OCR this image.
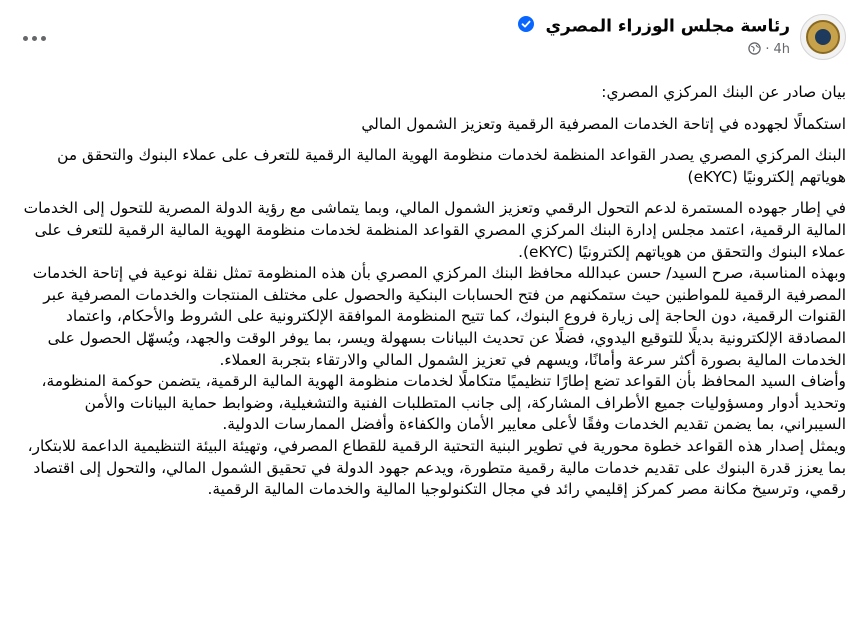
رئاسة مجلس الوزراء المصري
4h·

بيان صادر عن البنك المركزي المصري:

استكمالًا لجهوده في إتاحة الخدمات المصرفية الرقمية وتعزيز الشمول المالي

البنك المركزي المصري يصدر القواعد المنظمة لخدمات منظومة الهوية المالية الرقمية للتعرف على عملاء البنوك والتحقق من هوياتهم إلكترونيًا (eKYC)

في إطار جهوده المستمرة لدعم التحول الرقمي وتعزيز الشمول المالي، وبما يتماشى مع رؤية الدولة المصرية للتحول إلى الخدمات المالية الرقمية، اعتمد مجلس إدارة البنك المركزي المصري القواعد المنظمة لخدمات منظومة الهوية المالية الرقمية للتعرف على عملاء البنوك والتحقق من هوياتهم إلكترونيًا (eKYC).

وبهذه المناسبة، صرح السيد/ حسن عبدالله محافظ البنك المركزي المصري بأن هذه المنظومة تمثل نقلة نوعية في إتاحة الخدمات المصرفية الرقمية للمواطنين حيث ستمكنهم من فتح الحسابات البنكية والحصول على مختلف المنتجات والخدمات المصرفية عبر القنوات الرقمية، دون الحاجة إلى زيارة فروع البنوك، كما تتيح المنظومة الموافقة الإلكترونية على الشروط والأحكام، واعتماد المصادقة الإلكترونية بديلًا للتوقيع اليدوي، فضلًا عن تحديث البيانات بسهولة ويسر، بما يوفر الوقت والجهد، ويُسهّل الحصول على الخدمات المالية بصورة أكثر سرعة وأمانًا، ويسهم في تعزيز الشمول المالي والارتقاء بتجربة العملاء.

وأضاف السيد المحافظ بأن القواعد تضع إطارًا تنظيميًا متكاملًا لخدمات منظومة الهوية المالية الرقمية، يتضمن حوكمة المنظومة، وتحديد أدوار ومسؤوليات جميع الأطراف المشاركة، إلى جانب المتطلبات الفنية والتشغيلية، وضوابط حماية البيانات والأمن السيبراني، بما يضمن تقديم الخدمات وفقًا لأعلى معايير الأمان والكفاءة وأفضل الممارسات الدولية.

ويمثل إصدار هذه القواعد خطوة محورية في تطوير البنية التحتية الرقمية للقطاع المصرفي، وتهيئة البيئة التنظيمية الداعمة للابتكار، بما يعزز قدرة البنوك على تقديم خدمات مالية رقمية متطورة، ويدعم جهود الدولة في تحقيق الشمول المالي، والتحول إلى اقتصاد رقمي، وترسيخ مكانة مصر كمركز إقليمي رائد في مجال التكنولوجيا المالية والخدمات المالية الرقمية.
